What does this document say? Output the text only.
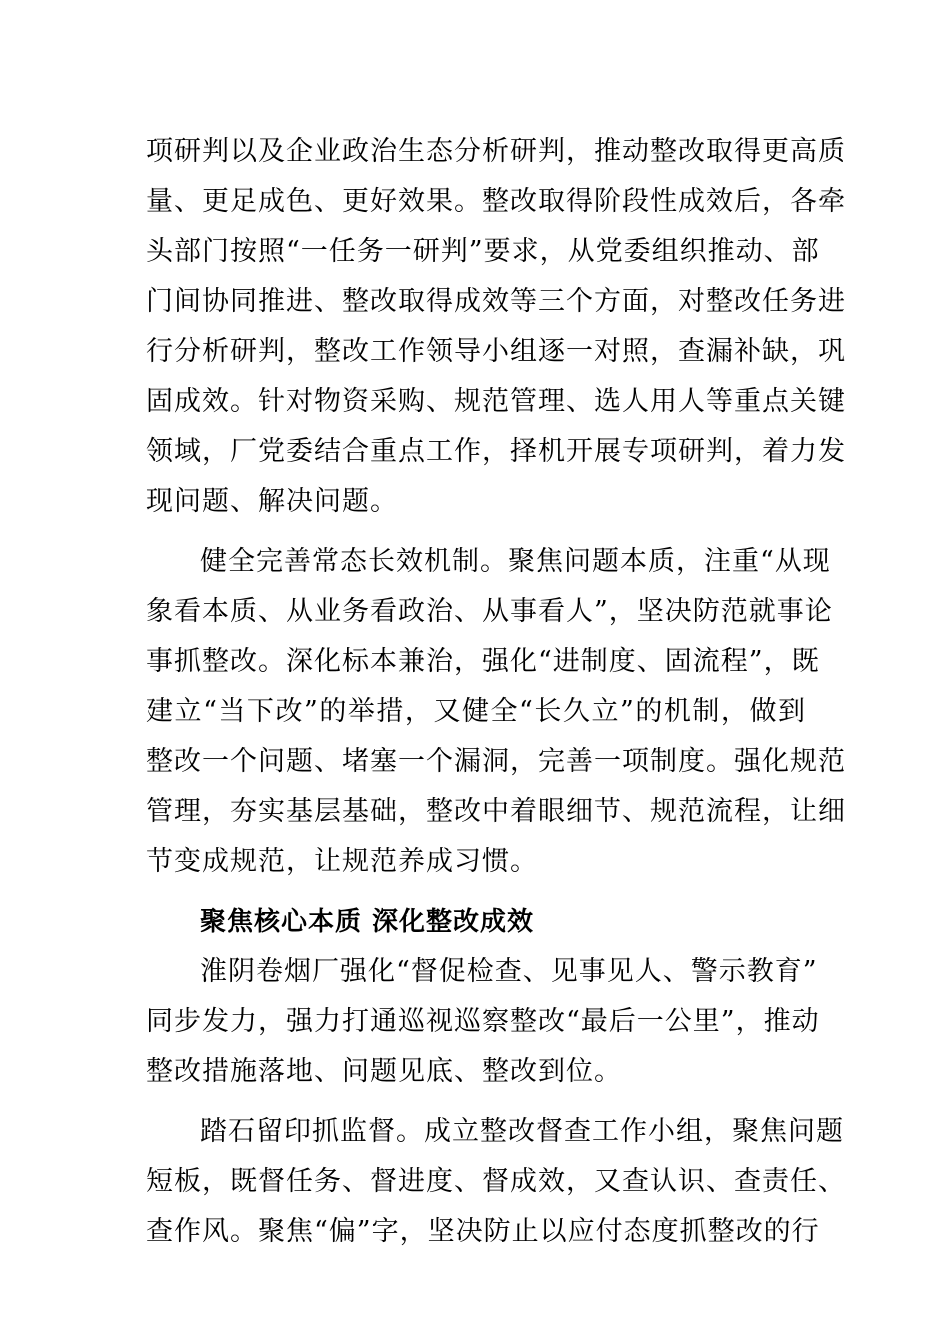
项研判以及企业政治生态分析研判，推动整改取得更高质
量、更足成色、更好效果。整改取得阶段性成效后，各牵
头部门按照“一任务一研判”要求，从党委组织推动、部
门间协同推进、整改取得成效等三个方面，对整改任务进
行分析研判，整改工作领导小组逐一对照，查漏补缺，巩
固成效。针对物资采购、规范管理、选人用人等重点关键
领域，厂党委结合重点工作，择机开展专项研判，着力发
现问题、解决问题。
健全完善常态长效机制。聚焦问题本质，注重“从现
象看本质、从业务看政治、从事看人”，坚决防范就事论
事抓整改。深化标本兼治，强化“进制度、固流程”，既
建立“当下改”的举措，又健全“长久立”的机制，做到
整改一个问题、堵塞一个漏洞，完善一项制度。强化规范
管理，夯实基层基础，整改中着眼细节、规范流程，让细
节变成规范，让规范养成习惯。
聚焦核心本质 深化整改成效
淮阴卷烟厂强化“督促检查、见事见人、警示教育”
同步发力，强力打通巡视巡察整改“最后一公里”，推动
整改措施落地、问题见底、整改到位。
踏石留印抓监督。成立整改督查工作小组，聚焦问题
短板，既督任务、督进度、督成效，又查认识、查责任、
查作风。聚焦“偏”字，坚决防止以应付态度抓整改的行
